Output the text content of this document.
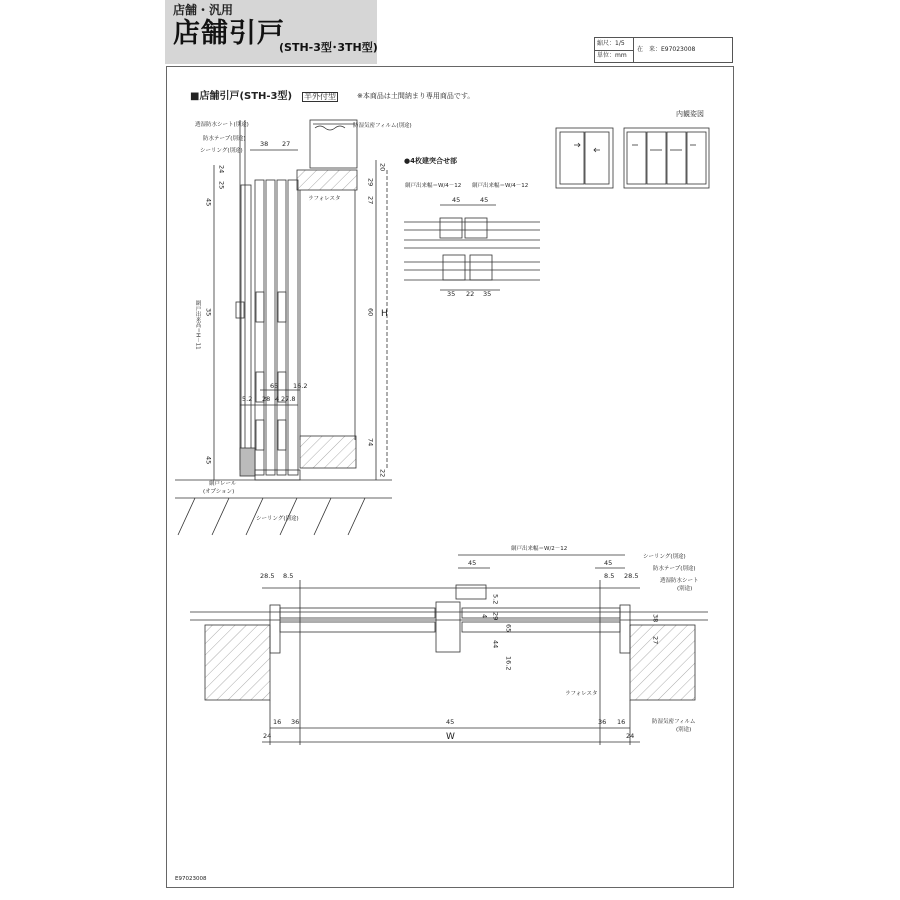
店舗・汎用
店舗引戸
(STH-3型･3TH型)	縮尺：1/5
単位：mm
在　来：E97023008
■店舗引戸(STH-3型) 半外付型	※本商品は土間納まり専用商品です。
内観姿図
●4枚建突合せ部
透湿防水シート(別途)
防水テープ(別途)
シーリング(別途)
防湿気密フィルム(別途)
ラフォレスタ
網戸出来高＝H－11
網戸出来幅＝W/4－12 網戸出来幅＝W/4－12
網戸レール
(オプション)
シーリング(別途)
H
網戸出来幅＝W/2－12
シーリング(別途)
防水テープ(別途)
透湿防水シート
(別途)
ラフォレスタ
防湿気密フィルム
(別途)
W
E97023008
38 27
20
24
25	29
45	27
35	60
65 16.2
5.2 28 4 27.8
74
45
22
45	45
35 22 35
45	45
28.5 8.5	8.5 28.5
5.2
4 29
65
44
16.2
38
16 36	45	36 16
24	24
